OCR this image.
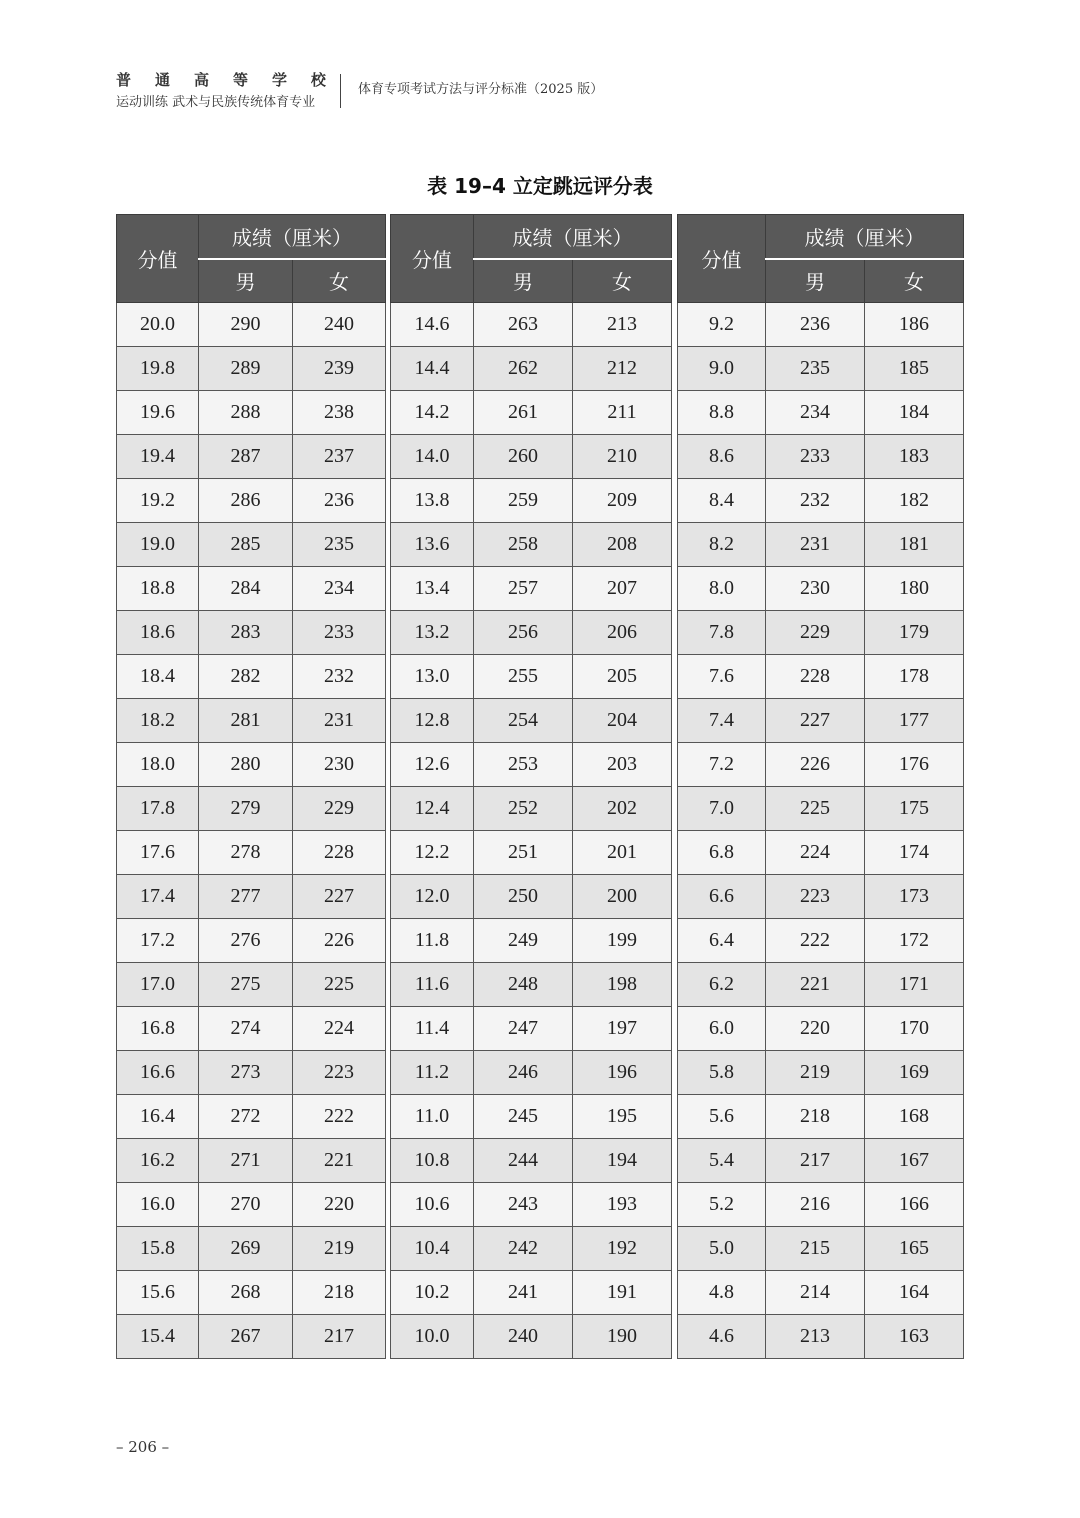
普 通 高 等 学 校
运动训练 武术与民族传统体育专业
体育专项考试方法与评分标准（2025 版）
表 19–4 立定跳远评分表
分值	成绩（厘米）	
	男	女
20.0	290	240
19.8	289	239
19.6	288	238
19.4	287	237
19.2	286	236
19.0	285	235
18.8	284	234
18.6	283	233
18.4	282	232
18.2	281	231
18.0	280	230
17.8	279	229
17.6	278	228
17.4	277	227
17.2	276	226
17.0	275	225
16.8	274	224
16.6	273	223
16.4	272	222
16.2	271	221
16.0	270	220
15.8	269	219
15.6	268	218
15.4	267	217
分值	成绩（厘米）	
	男	女
14.6	263	213
14.4	262	212
14.2	261	211
14.0	260	210
13.8	259	209
13.6	258	208
13.4	257	207
13.2	256	206
13.0	255	205
12.8	254	204
12.6	253	203
12.4	252	202
12.2	251	201
12.0	250	200
11.8	249	199
11.6	248	198
11.4	247	197
11.2	246	196
11.0	245	195
10.8	244	194
10.6	243	193
10.4	242	192
10.2	241	191
10.0	240	190
分值	成绩（厘米）	
	男	女
9.2	236	186
9.0	235	185
8.8	234	184
8.6	233	183
8.4	232	182
8.2	231	181
8.0	230	180
7.8	229	179
7.6	228	178
7.4	227	177
7.2	226	176
7.0	225	175
6.8	224	174
6.6	223	173
6.4	222	172
6.2	221	171
6.0	220	170
5.8	219	169
5.6	218	168
5.4	217	167
5.2	216	166
5.0	215	165
4.8	214	164
4.6	213	163
– 206 –
